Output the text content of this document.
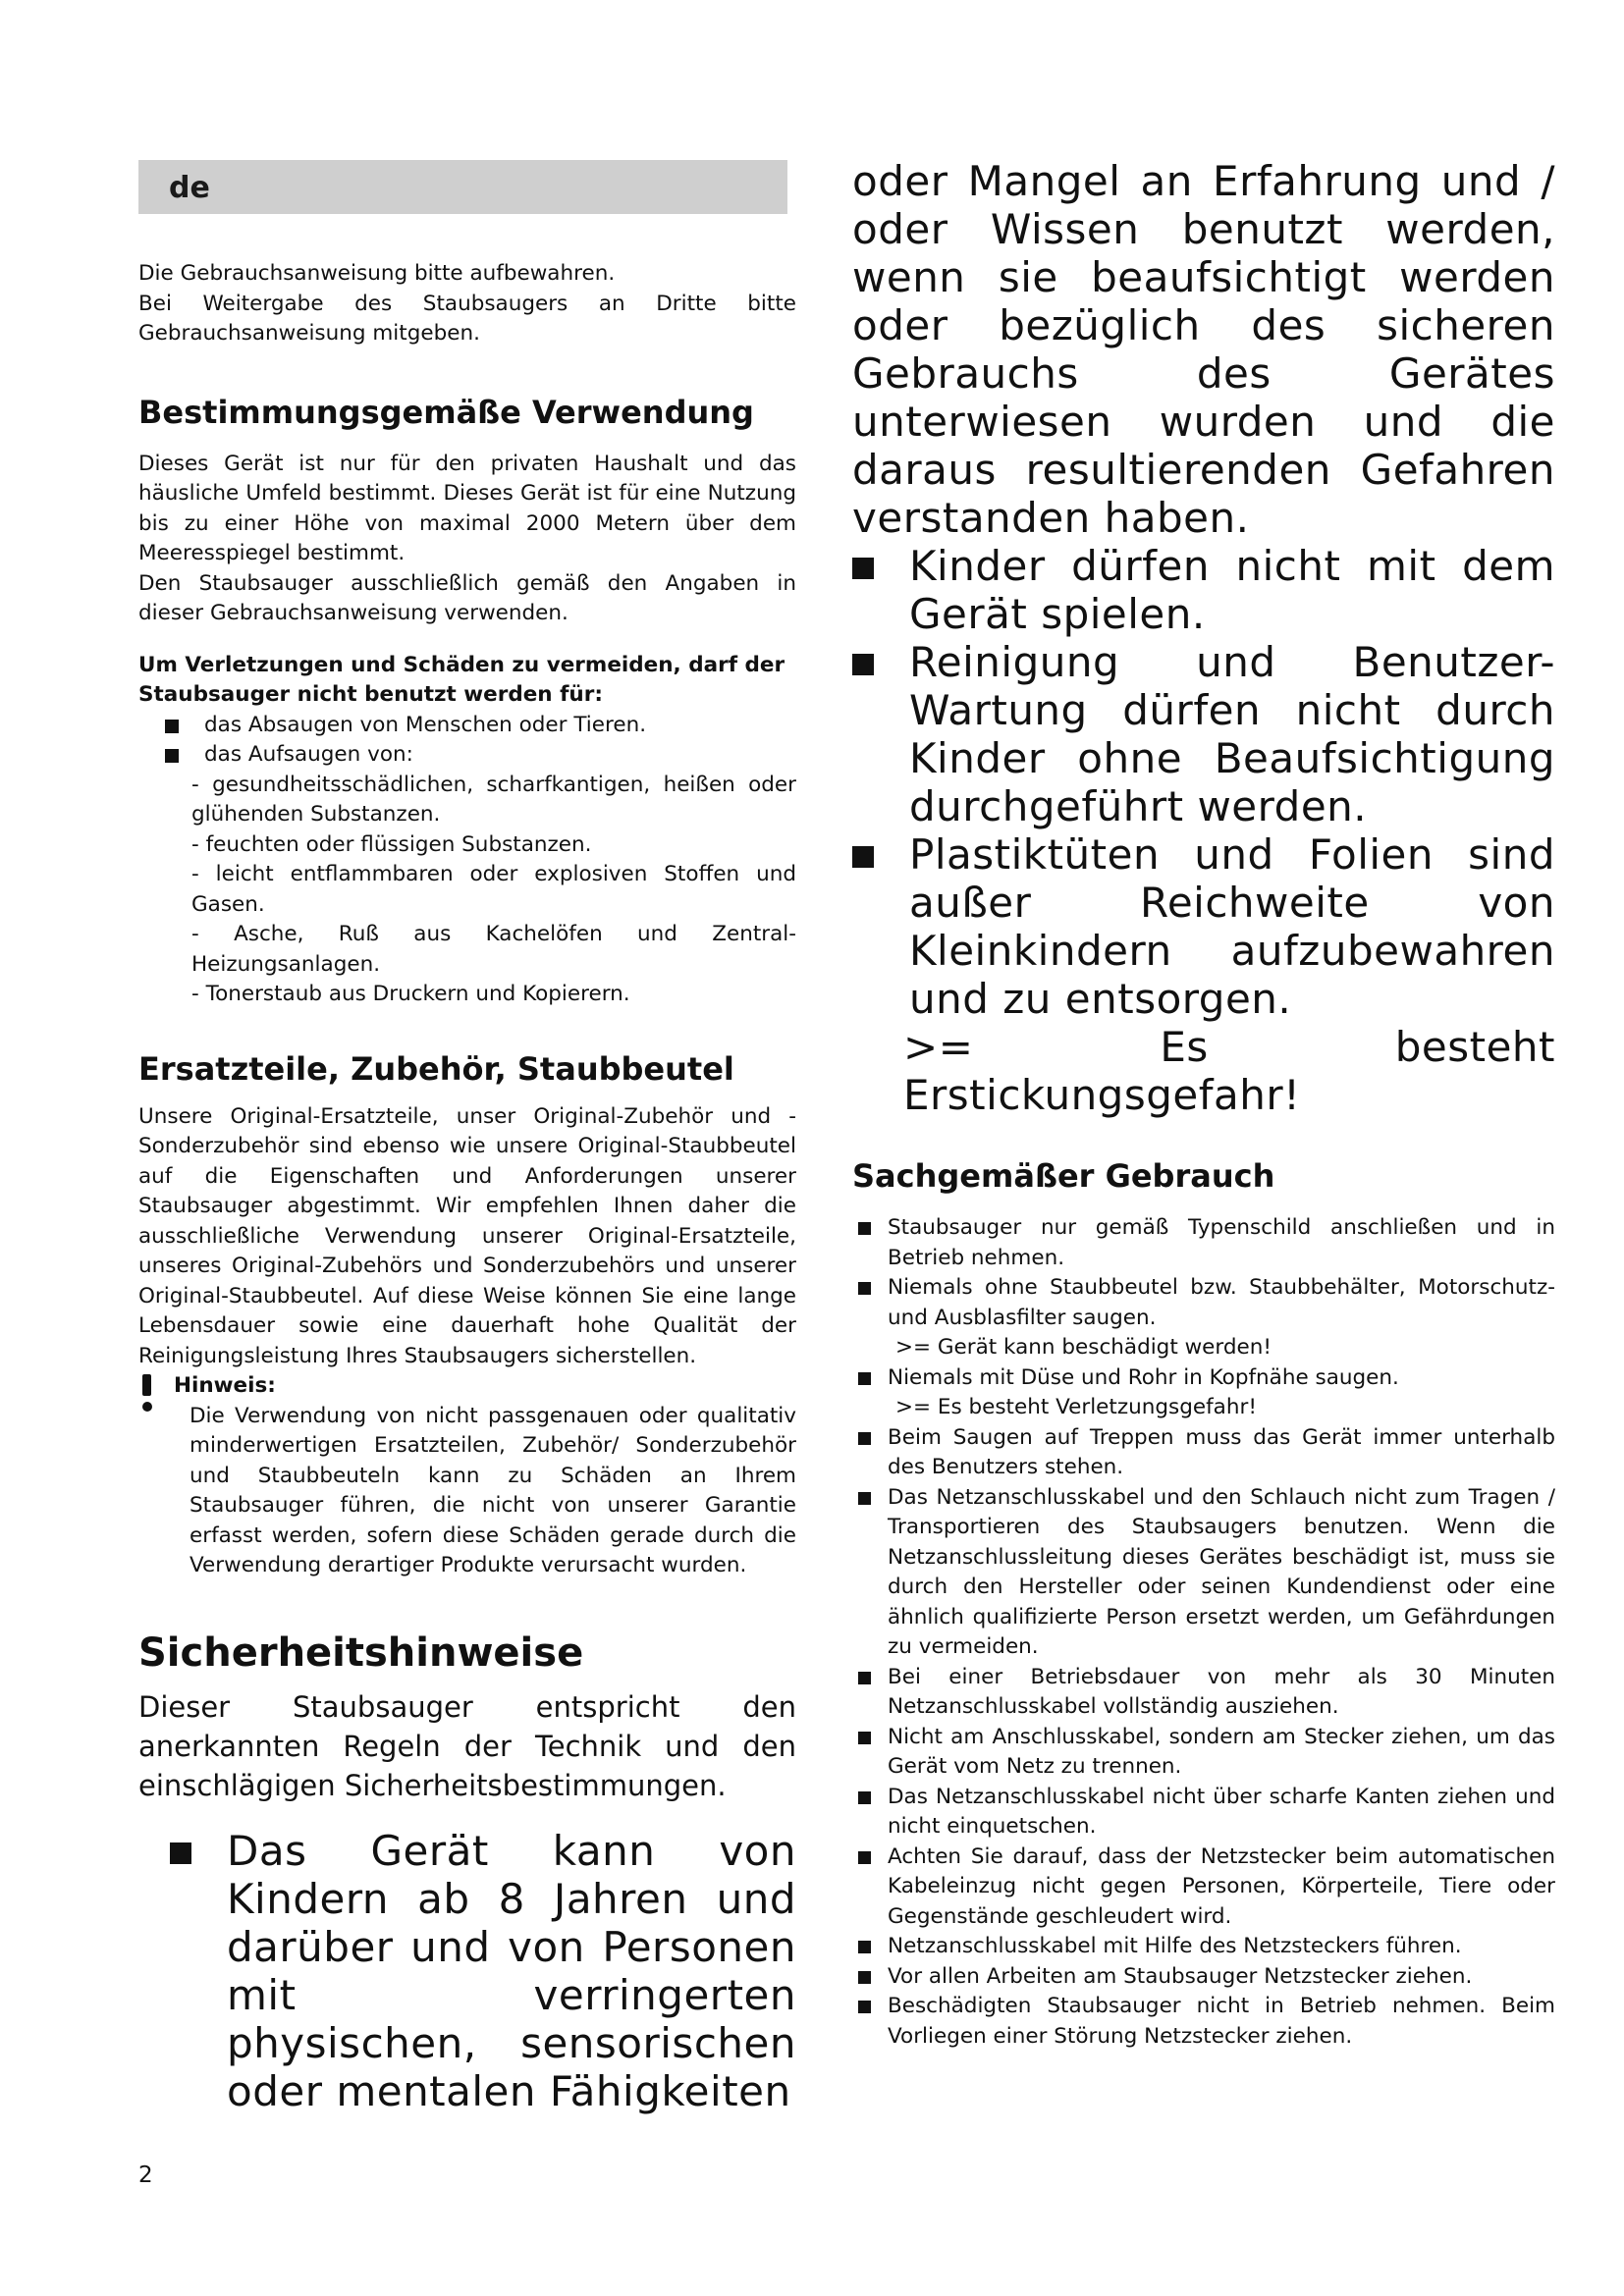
de

Die Gebrauchsanweisung bitte aufbewahren.

Bei Weitergabe des Staubsaugers an Dritte bitte Gebrauchsanweisung mitgeben.

Bestimmungsgemäße Verwendung

Dieses Gerät ist nur für den privaten Haushalt und das häusliche Umfeld bestimmt. Dieses Gerät ist für eine Nutzung bis zu einer Höhe von maximal 2000 Metern über dem Meeresspiegel bestimmt.

Den Staubsauger ausschließlich gemäß den Angaben in dieser Gebrauchsanweisung verwenden.

Um Verletzungen und Schäden zu vermeiden, darf der Staubsauger nicht benutzt werden für:

das Absaugen von Menschen oder Tieren.

das Aufsaugen von:

- gesundheitsschädlichen, scharfkantigen, heißen oder glühenden Substanzen.

- feuchten oder flüssigen Substanzen.

- leicht entflammbaren oder explosiven Stoffen und Gasen.

- Asche, Ruß aus Kachelöfen und Zentral-Heizungsanlagen.

- Tonerstaub aus Druckern und Kopierern.

Ersatzteile, Zubehör, Staubbeutel

Unsere Original-Ersatzteile, unser Original-Zubehör und -Sonderzubehör sind ebenso wie unsere Original-Staubbeutel auf die Eigenschaften und Anforderungen unserer Staubsauger abgestimmt. Wir empfehlen Ihnen daher die ausschließliche Verwendung unserer Original-Ersatzteile, unseres Original-Zubehörs und Sonderzubehörs und unserer Original-Staubbeutel. Auf diese Weise können Sie eine lange Lebensdauer sowie eine dauerhaft hohe Qualität der Reinigungsleistung Ihres Staubsaugers sicherstellen.

Hinweis:

Die Verwendung von nicht passgenauen oder qualitativ minderwertigen Ersatzteilen, Zubehör/ Sonderzubehör und Staubbeuteln kann zu Schäden an Ihrem Staubsauger führen, die nicht von unserer Garantie erfasst werden, sofern diese Schäden gerade durch die Verwendung derartiger Produkte verursacht wurden.

Sicherheitshinweise

Dieser Staubsauger entspricht den anerkannten Regeln der Technik und den einschlägigen Sicherheitsbestimmungen.

Das Gerät kann von Kindern ab 8 Jahren und darüber und von Personen mit verringerten physischen, sensorischen oder mentalen Fähigkeiten

oder Mangel an Erfahrung und / oder Wissen benutzt werden, wenn sie beaufsichtigt werden oder bezüglich des sicheren Gebrauchs des Gerätes unterwiesen wurden und die daraus resultierenden Gefahren verstanden haben.

Kinder dürfen nicht mit dem Gerät spielen.

Reinigung und Benutzer-Wartung dürfen nicht durch Kinder ohne Beaufsichtigung durchgeführt werden.

Plastiktüten und Folien sind außer Reichweite von Kleinkindern aufzubewahren und zu entsorgen.

>= Es besteht Erstickungsgefahr!

Sachgemäßer Gebrauch

Staubsauger nur gemäß Typenschild anschließen und in Betrieb nehmen.

Niemals ohne Staubbeutel bzw. Staubbehälter, Motorschutz- und Ausblasfilter saugen.

>= Gerät kann beschädigt werden!

Niemals mit Düse und Rohr in Kopfnähe saugen.

>= Es besteht Verletzungsgefahr!

Beim Saugen auf Treppen muss das Gerät immer unterhalb des Benutzers stehen.

Das Netzanschlusskabel und den Schlauch nicht zum Tragen / Transportieren des Staubsaugers benutzen. Wenn die Netzanschlussleitung dieses Gerätes beschädigt ist, muss sie durch den Hersteller oder seinen Kundendienst oder eine ähnlich qualifizierte Person ersetzt werden, um Gefährdungen zu vermeiden.

Bei einer Betriebsdauer von mehr als 30 Minuten Netzanschlusskabel vollständig ausziehen.

Nicht am Anschlusskabel, sondern am Stecker ziehen, um das Gerät vom Netz zu trennen.

Das Netzanschlusskabel nicht über scharfe Kanten ziehen und nicht einquetschen.

Achten Sie darauf, dass der Netzstecker beim automatischen Kabeleinzug nicht gegen Personen, Körperteile, Tiere oder Gegenstände geschleudert wird.

Netzanschlusskabel mit Hilfe des Netzsteckers führen.

Vor allen Arbeiten am Staubsauger Netzstecker ziehen.

Beschädigten Staubsauger nicht in Betrieb nehmen. Beim Vorliegen einer Störung Netzstecker ziehen.

2
